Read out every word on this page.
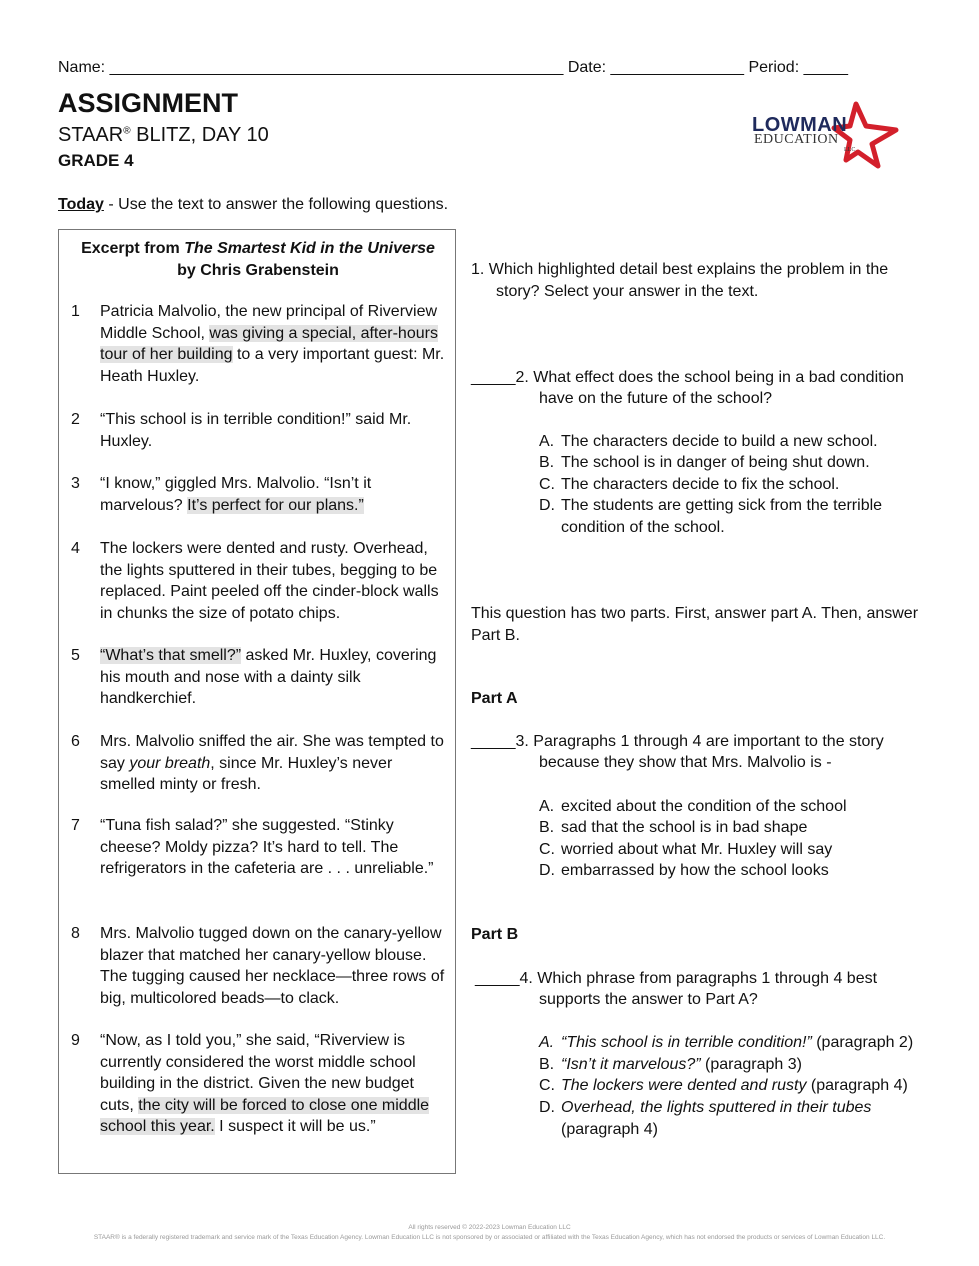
Name: ___________________________________________________ Date: _______________ Period: _____
ASSIGNMENT
STAAR® BLITZ, DAY 10
GRADE 4
LOWMAN
EDUCATION
LLC
Today - Use the text to answer the following questions.
Excerpt from The Smartest Kid in the Universe
by Chris Grabenstein
1 Patricia Malvolio, the new principal of Riverview Middle School, was giving a special, after-hours tour of her building to a very important guest: Mr. Heath Huxley.
2 “This school is in terrible condition!” said Mr. Huxley.
3 “I know,” giggled Mrs. Malvolio. “Isn’t it marvelous? It’s perfect for our plans.”
4 The lockers were dented and rusty. Overhead, the lights sputtered in their tubes, begging to be replaced. Paint peeled off the cinder-block walls in chunks the size of potato chips.
5 “What’s that smell?” asked Mr. Huxley, covering his mouth and nose with a dainty silk handkerchief.
6 Mrs. Malvolio sniffed the air. She was tempted to say your breath, since Mr. Huxley’s never smelled minty or fresh.
7 “Tuna fish salad?” she suggested. “Stinky cheese? Moldy pizza? It’s hard to tell. The refrigerators in the cafeteria are . . . unreliable.”
8 Mrs. Malvolio tugged down on the canary-yellow blazer that matched her canary-yellow blouse. The tugging caused her necklace—three rows of big, multicolored beads—to clack.
9 “Now, as I told you,” she said, “Riverview is currently considered the worst middle school building in the district. Given the new budget cuts, the city will be forced to close one middle school this year. I suspect it will be us.”
1. Which highlighted detail best explains the problem in the story? Select your answer in the text.
_____2. What effect does the school being in a bad condition
have on the future of the school?
A. The characters decide to build a new school.
B. The school is in danger of being shut down.
C. The characters decide to fix the school.
D. The students are getting sick from the terrible condition of the school.
This question has two parts. First, answer part A. Then, answer Part B.
Part A
_____3. Paragraphs 1 through 4 are important to the story
because they show that Mrs. Malvolio is -
A. excited about the condition of the school
B. sad that the school is in bad shape
C. worried about what Mr. Huxley will say
D. embarrassed by how the school looks
Part B
_____4. Which phrase from paragraphs 1 through 4 best
supports the answer to Part A?
A. “This school is in terrible condition!” (paragraph 2)
B. “Isn’t it marvelous?” (paragraph 3)
C. The lockers were dented and rusty (paragraph 4)
D. Overhead, the lights sputtered in their tubes (paragraph 4)
All rights reserved © 2022-2023 Lowman Education LLC
STAAR® is a federally registered trademark and service mark of the Texas Education Agency. Lowman Education LLC is not sponsored by or associated or affiliated with the Texas Education Agency, which has not endorsed the products or services of Lowman Education LLC.
